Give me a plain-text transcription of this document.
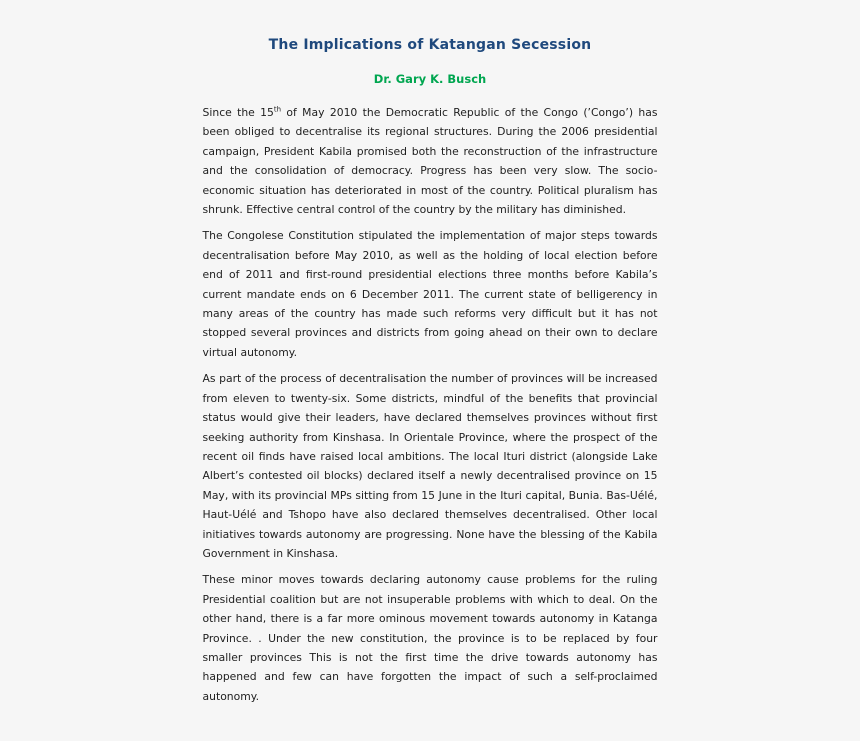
The Implications of Katangan Secession
Dr. Gary K. Busch

Since the 15th of May 2010 the Democratic Republic of the Congo (’Congo’) has been obliged to decentralise its regional structures. During the 2006 presidential campaign, President Kabila promised both the reconstruction of the infrastructure and the consolidation of democracy. Progress has been very slow. The socio-economic situation has deteriorated in most of the country. Political pluralism has shrunk. Effective central control of the country by the military has diminished.

The Congolese Constitution stipulated the implementation of major steps towards decentralisation before May 2010, as well as the holding of local election before end of 2011 and first-round presidential elections three months before Kabila’s current mandate ends on 6 December 2011. The current state of belligerency in many areas of the country has made such reforms very difficult but it has not stopped several provinces and districts from going ahead on their own to declare virtual autonomy.

As part of the process of decentralisation the number of provinces will be increased from eleven to twenty-six. Some districts, mindful of the benefits that provincial status would give their leaders, have declared themselves provinces without first seeking authority from Kinshasa. In Orientale Province, where the prospect of the recent oil finds have raised local ambitions. The local Ituri district (alongside Lake Albert’s contested oil blocks) declared itself a newly decentralised province on 15 May, with its provincial MPs sitting from 15 June in the Ituri capital, Bunia. Bas-Uélé, Haut-Uélé and Tshopo have also declared themselves decentralised. Other local initiatives towards autonomy are progressing. None have the blessing of the Kabila Government in Kinshasa.

These minor moves towards declaring autonomy cause problems for the ruling Presidential coalition but are not insuperable problems with which to deal. On the other hand, there is a far more ominous movement towards autonomy in Katanga Province. . Under the new constitution, the province is to be replaced by four smaller provinces This is not the first time the drive towards autonomy has happened and few can have forgotten the impact of such a self-proclaimed autonomy.
